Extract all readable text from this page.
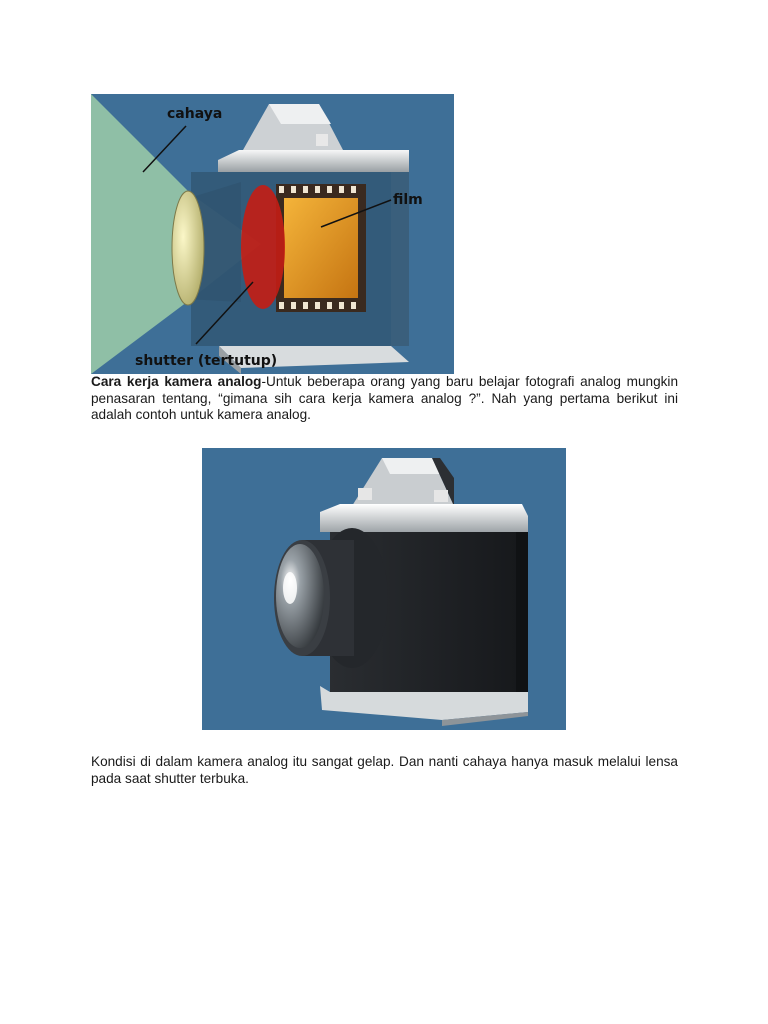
cahaya
film
shutter (tertutup)

Cara kerja kamera analog-Untuk beberapa orang yang baru belajar fotografi analog mungkin penasaran tentang, “gimana sih cara kerja kamera analog ?”. Nah yang pertama berikut ini adalah contoh untuk kamera analog.

Kondisi di dalam kamera analog itu sangat gelap. Dan nanti cahaya hanya masuk melalui lensa pada saat shutter terbuka.
